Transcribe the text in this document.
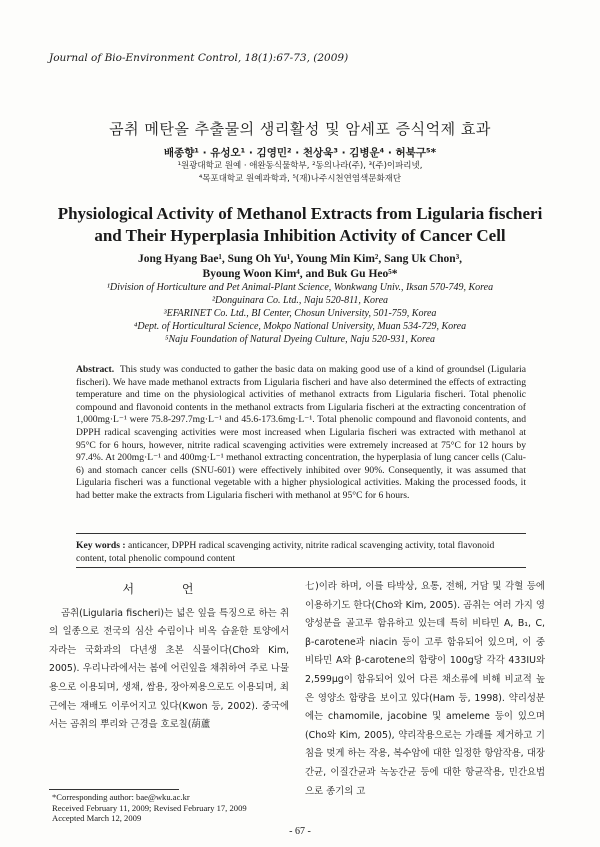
Journal of Bio-Environment Control, 18(1):67-73, (2009)
곰취 메탄올 추출물의 생리활성 및 암세포 증식억제 효과
배종향¹ · 유성오¹ · 김영민² · 천상욱³ · 김병운⁴ · 허북구⁵*
¹원광대학교 원예 · 애완동식물학부, ²동의나라(주), ³(주)이파리넷,
⁴목포대학교 원예과학과, ⁵(재)나주시천연염색문화재단
Physiological Activity of Methanol Extracts from Ligularia fischeri
and Their Hyperplasia Inhibition Activity of Cancer Cell
Jong Hyang Bae¹, Sung Oh Yu¹, Young Min Kim², Sang Uk Chon³,
Byoung Woon Kim⁴, and Buk Gu Heo⁵*
¹Division of Horticulture and Pet Animal-Plant Science, Wonkwang Univ., Iksan 570-749, Korea
²Donguinara Co. Ltd., Naju 520-811, Korea
³EFARINET Co. Ltd., BI Center, Chosun University, 501-759, Korea
⁴Dept. of Horticultural Science, Mokpo National University, Muan 534-729, Korea
⁵Naju Foundation of Natural Dyeing Culture, Naju 520-931, Korea
Abstract. This study was conducted to gather the basic data on making good use of a kind of groundsel (Ligularia fischeri). We have made methanol extracts from Ligularia fischeri and have also determined the effects of extracting temperature and time on the physiological activities of methanol extracts from Ligularia fischeri. Total phenolic compound and flavonoid contents in the methanol extracts from Ligularia fischeri at the extracting concentration of 1,000mg·L⁻¹ were 75.8-297.7mg·L⁻¹ and 45.6-173.6mg·L⁻¹. Total phenolic compound and flavonoid contents, and DPPH radical scavenging activities were most increased when Ligularia fischeri was extracted with methanol at 95°C for 6 hours, however, nitrite radical scavenging activities were extremely increased at 75°C for 12 hours by 97.4%. At 200mg·L⁻¹ and 400mg·L⁻¹ methanol extracting concentration, the hyperplasia of lung cancer cells (Calu-6) and stomach cancer cells (SNU-601) were effectively inhibited over 90%. Consequently, it was assumed that Ligularia fischeri was a functional vegetable with a higher physiological activities. Making the processed foods, it had better make the extracts from Ligularia fischeri with methanol at 95°C for 6 hours.
Key words : anticancer, DPPH radical scavenging activity, nitrite radical scavenging activity, total flavonoid content, total phenolic compound content
서 언

곰취(Ligularia fischeri)는 넓은 잎을 특징으로 하는 취의 일종으로 전국의 심산 수림이나 비옥 습윤한 토양에서 자라는 국화과의 다년생 초본 식물이다(Cho와 Kim, 2005). 우리나라에서는 봄에 어린잎을 채취하여 주로 나물용으로 이용되며, 생채, 쌈용, 장아찌용으로도 이용되며, 최근에는 재배도 이루어지고 있다(Kwon 등, 2002). 중국에서는 곰취의 뿌리와 근경을 호로칠(葫蘆

七)이라 하며, 이를 타박상, 요통, 전해, 거담 및 각혈 등에 이용하기도 한다(Cho와 Kim, 2005). 곰취는 여러 가지 영양성분을 골고루 함유하고 있는데 특히 비타민 A, B₁, C, β-carotene과 niacin 등이 고루 함유되어 있으며, 이 중 비타민 A와 β-carotene의 함량이 100g당 각각 433IU와 2,599μg이 함유되어 있어 다른 채소류에 비해 비교적 높은 영양소 함량을 보이고 있다(Ham 등, 1998). 약리성분에는 chamomile, jacobine 및 ameleme 등이 있으며(Cho와 Kim, 2005), 약리작용으로는 가래를 제거하고 기침을 멎게 하는 작용, 복수암에 대한 일정한 항암작용, 대장간균, 이질간균과 녹농간균 등에 대한 항균작용, 민간요법으로 종기의 고

*Corresponding author: bae@wku.ac.kr
Received February 11, 2009; Revised February 17, 2009
Accepted March 12, 2009
- 67 -
